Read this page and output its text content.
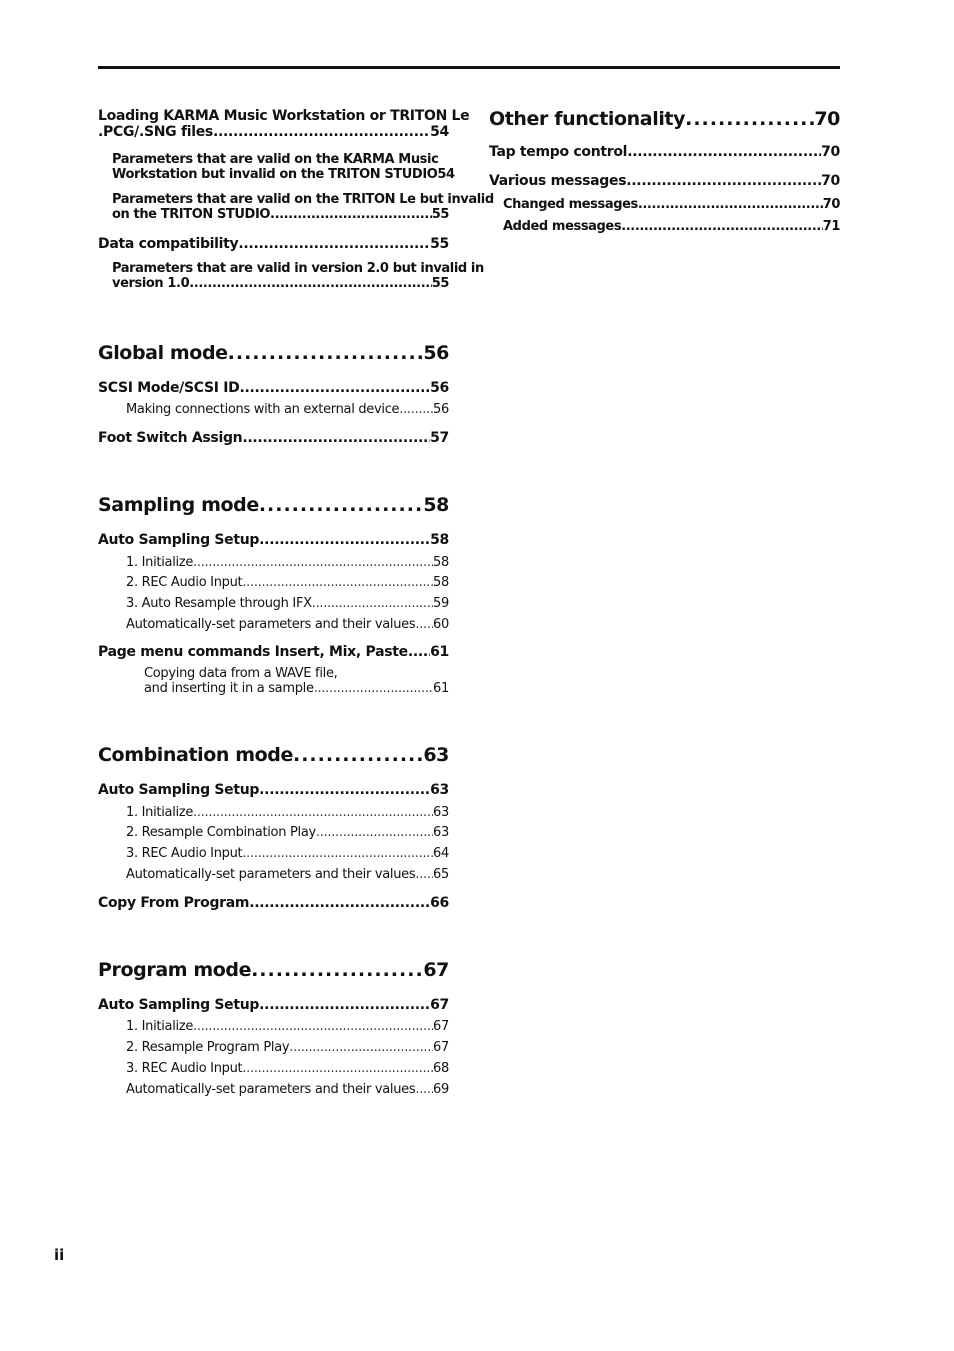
Loading KARMA Music Workstation or TRITON Le
.PCG/.SNG files .....	54
Parameters that are valid on the KARMA Music
Workstation but invalid on the TRITON STUDIO 54
Parameters that are valid on the TRITON Le but invalid
on the TRITON STUDIO .....	55
Data compatibility .....	55
Parameters that are valid in version 2.0 but invalid in
version 1.0 .....	55
Global mode .....	56
SCSI Mode/SCSI ID .....	56
Making connections with an external device .....	56
Foot Switch Assign .....	57
Sampling mode .....	58
Auto Sampling Setup .....	58
1. Initialize .....	58
2. REC Audio Input .....	58
3. Auto Resample through IFX .....	59
Automatically-set parameters and their values ..... 60
Page menu commands Insert, Mix, Paste ..... 61
Copying data from a WAVE file,
and inserting it in a sample .....	61
Combination mode .....	63
Auto Sampling Setup .....	63
1. Initialize .....	63
2. Resample Combination Play .....	63
3. REC Audio Input .....	64
Automatically-set parameters and their values ..... 65
Copy From Program .....	66
Program mode .....	67
Auto Sampling Setup .....	67
1. Initialize .....	67
2. Resample Program Play .....	67
3. REC Audio Input .....	68
Automatically-set parameters and their values ..... 69
Other functionality .....	70
Tap tempo control .....	70
Various messages .....	70
Changed messages .....	70
Added messages .....	71
ii
